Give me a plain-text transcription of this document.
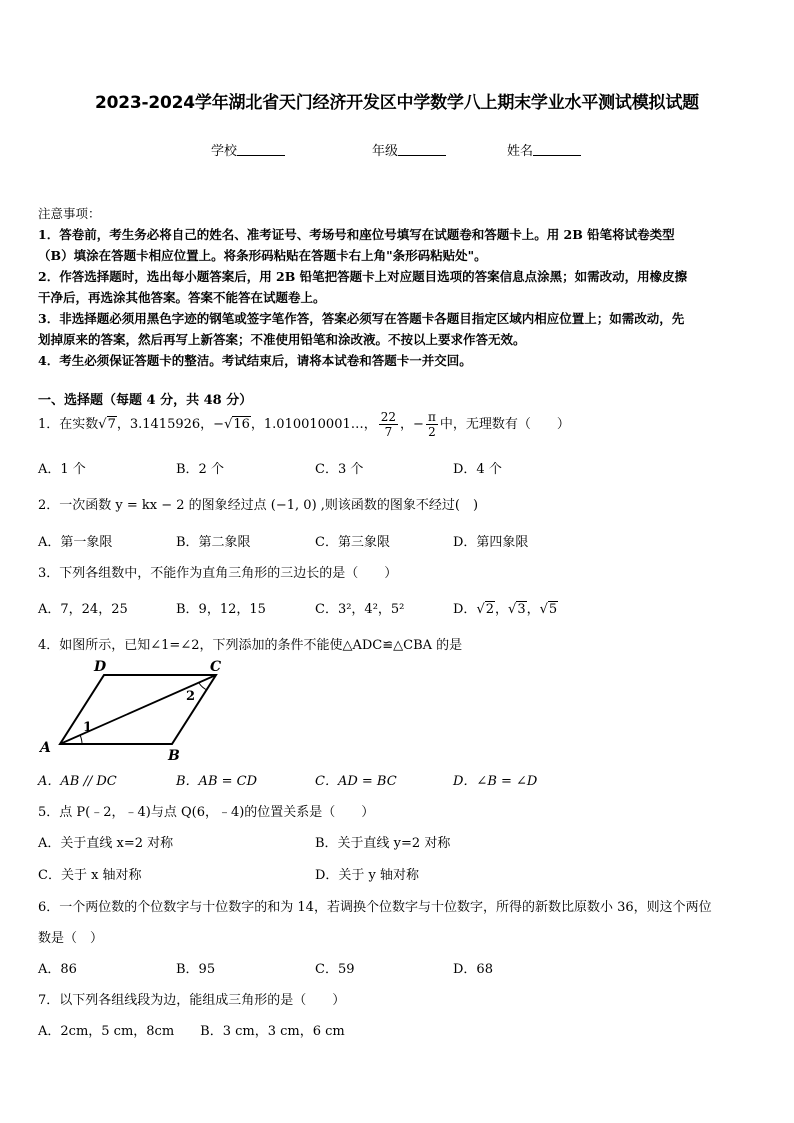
2023-2024学年湖北省天门经济开发区中学数学八上期末学业水平测试模拟试题
学校	年级	姓名

注意事项：

1．答卷前，考生务必将自己的姓名、准考证号、考场号和座位号填写在试题卷和答题卡上。用 2B 铅笔将试卷类型

（B）填涂在答题卡相应位置上。将条形码粘贴在答题卡右上角"条形码粘贴处"。

2．作答选择题时，选出每小题答案后，用 2B 铅笔把答题卡上对应题目选项的答案信息点涂黑；如需改动，用橡皮擦

干净后，再选涂其他答案。答案不能答在试题卷上。

3．非选择题必须用黑色字迹的钢笔或签字笔作答，答案必须写在答题卡各题目指定区域内相应位置上；如需改动，先

划掉原来的答案，然后再写上新答案；不准使用铅笔和涂改液。不按以上要求作答无效。

4．考生必须保证答题卡的整洁。考试结束后，请将本试卷和答题卡一并交回。

一、选择题（每题 4 分，共 48 分）
1．在实数√7，3.1415926，−√16，1.010010001…， $\frac{22}{7}$ ，− $\frac{\pi}{2}$ 中，无理数有（　　）
A．1 个	B．2 个	C．3 个	D．4 个
2．一次函数 y = kx − 2 的图象经过点 (−1, 0) ,则该函数的图象不经过(　)
A．第一象限	B．第二象限	C．第三象限	D．第四象限
3．下列各组数中，不能作为直角三角形的三边长的是（　　）
A．7，24，25	B．9，12，15	C．3²，4²，5²	D．√2，√3，√5
4．如图所示，已知∠1=∠2，下列添加的条件不能使△ADC≌△CBA 的是
D	C
A	B
1
2
A．AB // DC	B．AB = CD	C．AD = BC	D．∠B = ∠D
5．点 P(﹣2，﹣4)与点 Q(6，﹣4)的位置关系是（　　）
A．关于直线 x=2 对称	B．关于直线 y=2 对称
C．关于 x 轴对称	D．关于 y 轴对称
6．一个两位数的个位数字与十位数字的和为 14，若调换个位数字与十位数字，所得的新数比原数小 36，则这个两位
数是（　）
A．86	B．95	C．59	D．68
7．以下列各组线段为边，能组成三角形的是（　　）
A．2cm，5 cm，8cm　　B．3 cm，3 cm，6 cm
